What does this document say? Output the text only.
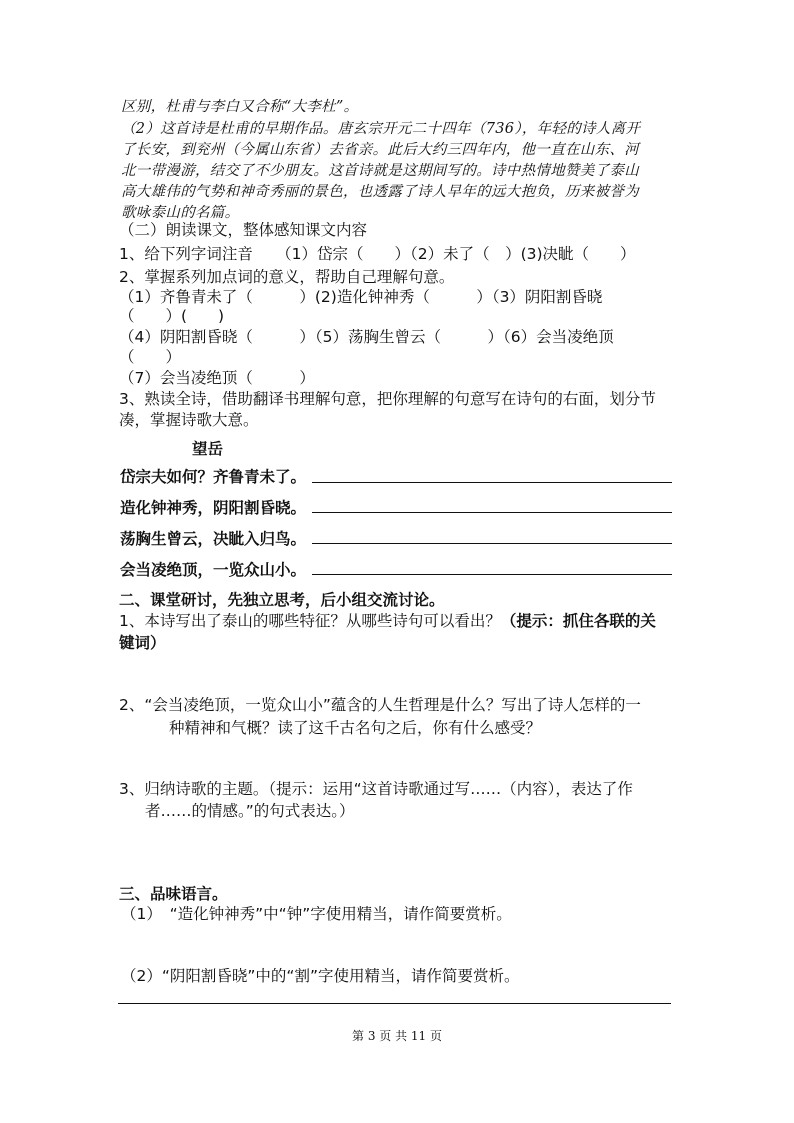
区别，杜甫与李白又合称“大李杜”。
（2）这首诗是杜甫的早期作品。唐玄宗开元二十四年（736），年轻的诗人离开
了长安，到兖州（今属山东省）去省亲。此后大约三四年内，他一直在山东、河
北一带漫游，结交了不少朋友。这首诗就是这期间写的。诗中热情地赞美了泰山
高大雄伟的气势和神奇秀丽的景色，也透露了诗人早年的远大抱负，历来被誉为
歌咏泰山的名篇。
（二）朗读课文，整体感知课文内容
1、给下列字词注音　　（1）岱宗（　　）（2）未了（　）(3)决眦（　　）
2、掌握系列加点词的意义，帮助自己理解句意。
（1）齐鲁青未了（　　　）(2)造化钟神秀（　　　）（3）阴阳割昏晓
（　　）(　　)
（4）阴阳割昏晓（　　　）（5）荡胸生曾云（　　　）（6）会当凌绝顶
（　　）
（7）会当凌绝顶（　　　）
3、熟读全诗，借助翻译书理解句意，把你理解的句意写在诗句的右面，划分节
凑，掌握诗歌大意。
望岳
岱宗夫如何？齐鲁青未了。
造化钟神秀，阴阳割昏晓。
荡胸生曾云，决眦入归鸟。
会当凌绝顶，一览众山小。
二、课堂研讨，先独立思考，后小组交流讨论。
1、本诗写出了泰山的哪些特征？从哪些诗句可以看出？（提示：抓住各联的关
键词）
2、“会当凌绝顶，一览众山小”蕴含的人生哲理是什么？写出了诗人怎样的一
种精神和气概？读了这千古名句之后，你有什么感受？
3、归纳诗歌的主题。（提示：运用“这首诗歌通过写……（内容），表达了作
者……的情感。”的句式表达。）
三、品味语言。
（1）　“造化钟神秀”中“钟”字使用精当，请作简要赏析。
（2）“阴阳割昏晓”中的“割”字使用精当，请作简要赏析。
第 3 页 共 11 页
